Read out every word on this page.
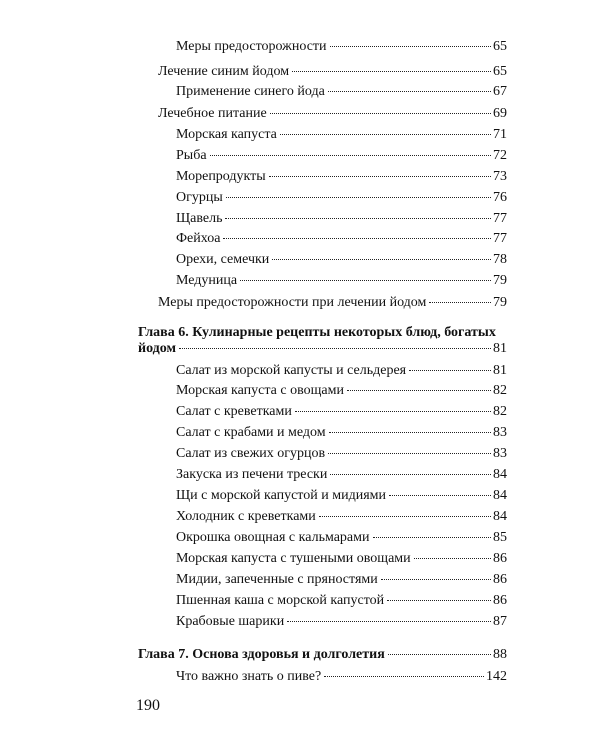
Меры предосторожности	65
Лечение синим йодом	65
Применение синего йода	67
Лечебное питание	69
Морская капуста	71
Рыба	72
Морепродукты	73
Огурцы	76
Щавель	77
Фейхоа	77
Орехи, семечки	78
Медуница	79
Меры предосторожности при лечении йодом	79
Глава 6. Кулинарные рецепты некоторых блюд, богатых
йодом	81
Салат из морской капусты и сельдерея	81
Морская капуста с овощами	82
Салат с креветками	82
Салат с крабами и медом	83
Салат из свежих огурцов	83
Закуска из печени трески	84
Щи с морской капустой и мидиями	84
Холодник с креветками	84
Окрошка овощная с кальмарами	85
Морская капуста с тушеными овощами	86
Мидии, запеченные с пряностями	86
Пшенная каша с морской капустой	86
Крабовые шарики	87
Глава 7. Основа здоровья и долголетия	88
Что важно знать о пиве?	142
190
